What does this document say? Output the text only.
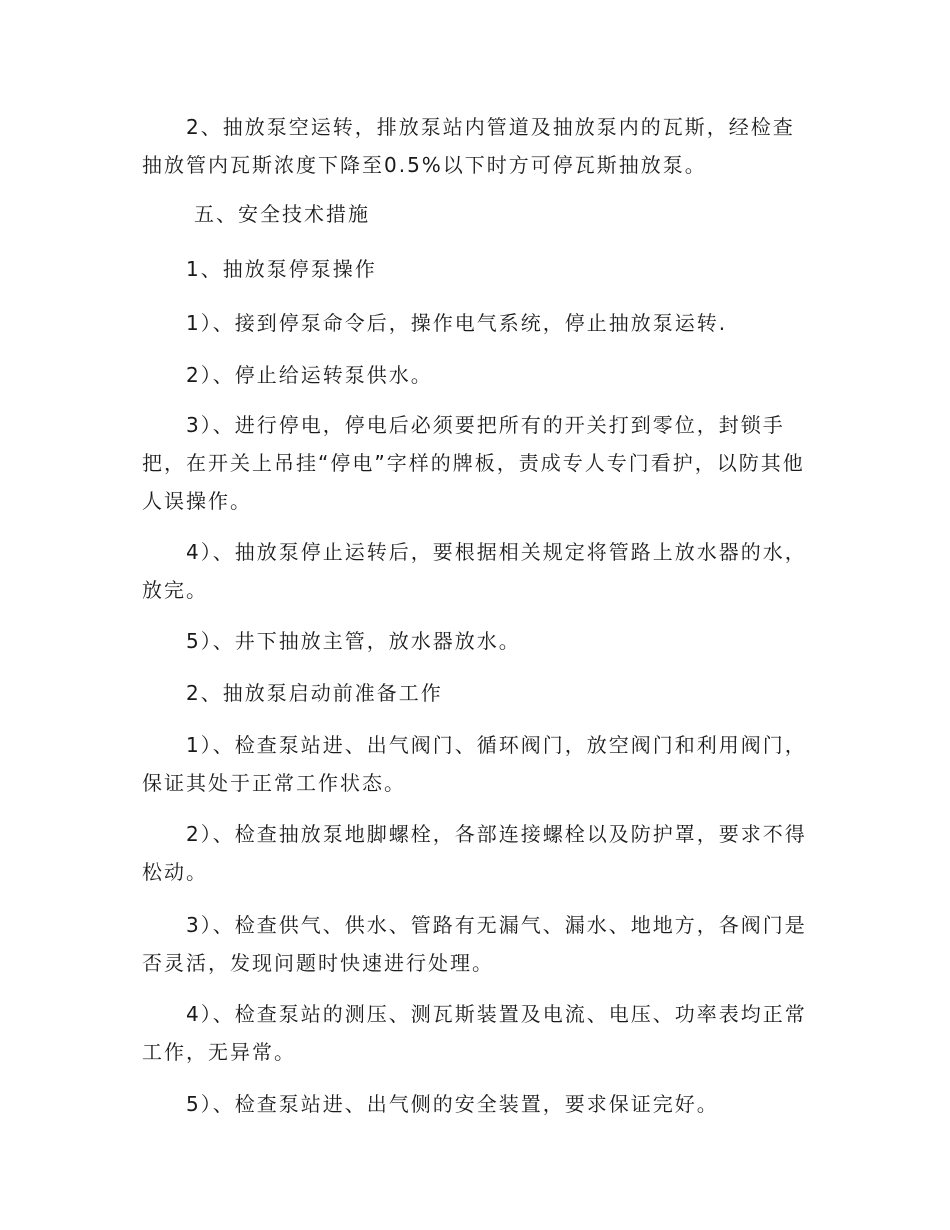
2、抽放泵空运转，排放泵站内管道及抽放泵内的瓦斯，经检查抽放管内瓦斯浓度下降至0.5%以下时方可停瓦斯抽放泵。

五、安全技术措施

1、抽放泵停泵操作

1）、接到停泵命令后，操作电气系统，停止抽放泵运转.

2）、停止给运转泵供水。

3）、进行停电，停电后必须要把所有的开关打到零位，封锁手把，在开关上吊挂“停电”字样的牌板，责成专人专门看护，以防其他人误操作。

4）、抽放泵停止运转后，要根据相关规定将管路上放水器的水，放完。

5）、井下抽放主管，放水器放水。

2、抽放泵启动前准备工作

1）、检查泵站进、出气阀门、循环阀门，放空阀门和利用阀门，保证其处于正常工作状态。

2）、检查抽放泵地脚螺栓，各部连接螺栓以及防护罩，要求不得松动。

3）、检查供气、供水、管路有无漏气、漏水、地地方，各阀门是否灵活，发现问题时快速进行处理。

4）、检查泵站的测压、测瓦斯装置及电流、电压、功率表均正常工作，无异常。

5）、检查泵站进、出气侧的安全装置，要求保证完好。
